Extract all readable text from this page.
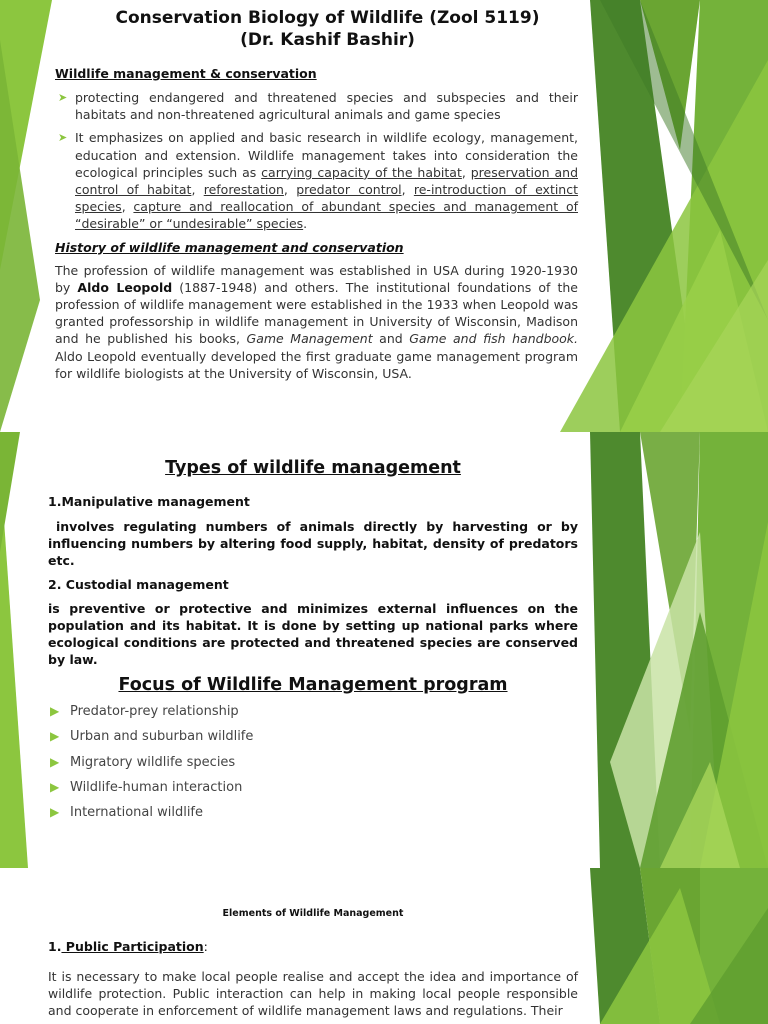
Conservation Biology of Wildlife (Zool 5119)
(Dr. Kashif Bashir)
Wildlife management & conservation
➤ protecting endangered and threatened species and subspecies and their habitats and non-threatened agricultural animals and game species
➤ It emphasizes on applied and basic research in wildlife ecology, management, education and extension. Wildlife management takes into consideration the ecological principles such as carrying capacity of the habitat, preservation and control of habitat, reforestation, predator control, re-introduction of extinct species, capture and reallocation of abundant species and management of “desirable” or “undesirable” species.
History of wildlife management and conservation
The profession of wildlife management was established in USA during 1920-1930 by Aldo Leopold (1887-1948) and others. The institutional foundations of the profession of wildlife management were established in the 1933 when Leopold was granted professorship in wildlife management in University of Wisconsin, Madison and he published his books, Game Management and Game and fish handbook. Aldo Leopold eventually developed the first graduate game management program for wildlife biologists at the University of Wisconsin, USA.
Types of wildlife management
1.Manipulative management
involves regulating numbers of animals directly by harvesting or by influencing numbers by altering food supply, habitat, density of predators etc.
2. Custodial management
is preventive or protective and minimizes external influences on the population and its habitat. It is done by setting up national parks where ecological conditions are protected and threatened species are conserved by law.
Focus of Wildlife Management program
▶ Predator-prey relationship
▶ Urban and suburban wildlife
▶ Migratory wildlife species
▶ Wildlife-human interaction
▶ International wildlife
Elements of Wildlife Management
1. Public Participation:
It is necessary to make local people realise and accept the idea and importance of wildlife protection. Public interaction can help in making local people responsible and cooperate in enforcement of wildlife management laws and regulations. Their
